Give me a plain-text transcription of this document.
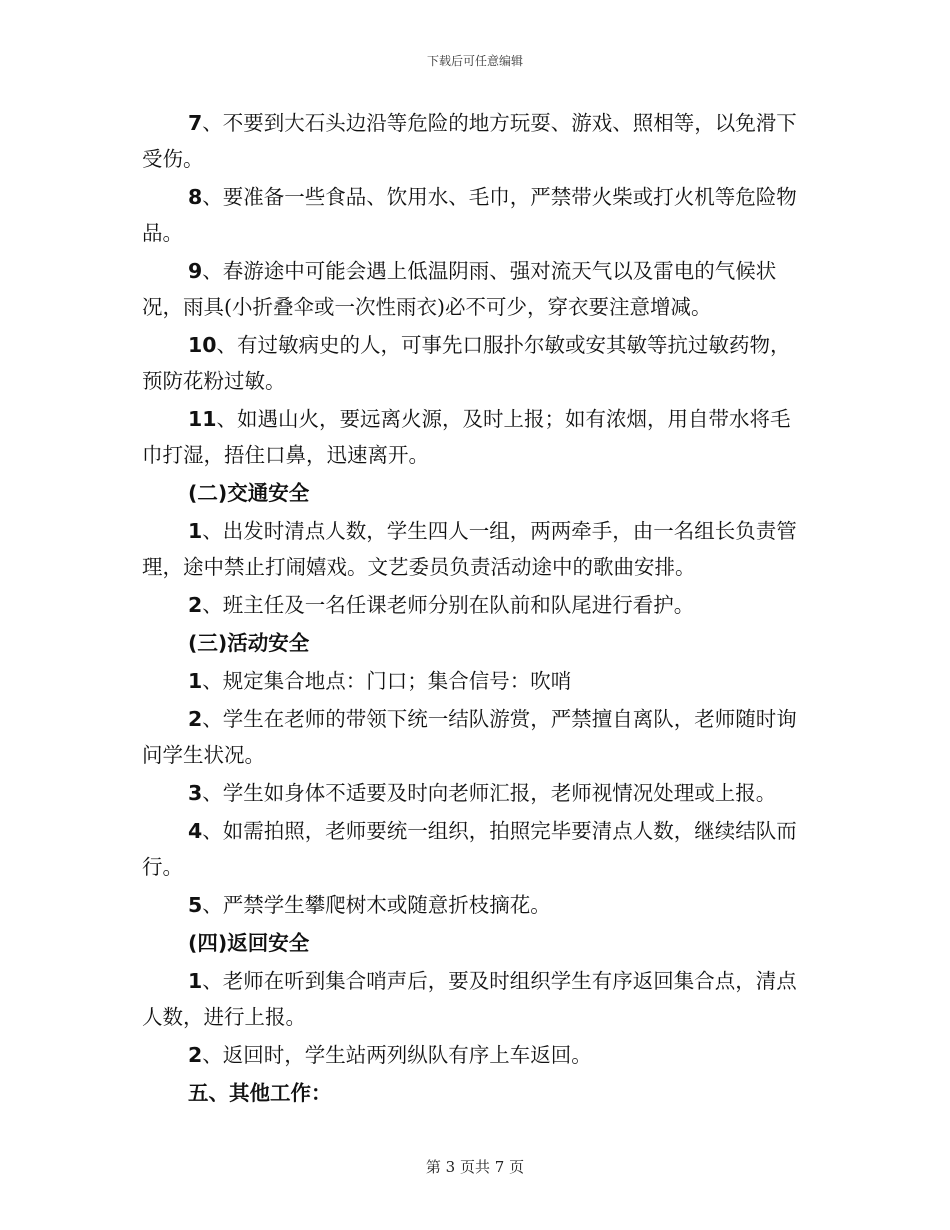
下载后可任意编辑

7、不要到大石头边沿等危险的地方玩耍、游戏、照相等，以免滑下受伤。

8、要准备一些食品、饮用水、毛巾，严禁带火柴或打火机等危险物品。

9、春游途中可能会遇上低温阴雨、强对流天气以及雷电的气候状况，雨具(小折叠伞或一次性雨衣)必不可少，穿衣要注意增减。

10、有过敏病史的人，可事先口服扑尔敏或安其敏等抗过敏药物，预防花粉过敏。

11、如遇山火，要远离火源，及时上报；如有浓烟，用自带水将毛巾打湿，捂住口鼻，迅速离开。

(二)交通安全

1、出发时清点人数，学生四人一组，两两牵手，由一名组长负责管理，途中禁止打闹嬉戏。文艺委员负责活动途中的歌曲安排。

2、班主任及一名任课老师分别在队前和队尾进行看护。

(三)活动安全

1、规定集合地点：门口；集合信号：吹哨

2、学生在老师的带领下统一结队游赏，严禁擅自离队，老师随时询问学生状况。

3、学生如身体不适要及时向老师汇报，老师视情况处理或上报。

4、如需拍照，老师要统一组织，拍照完毕要清点人数，继续结队而行。

5、严禁学生攀爬树木或随意折枝摘花。

(四)返回安全

1、老师在听到集合哨声后，要及时组织学生有序返回集合点，清点人数，进行上报。

2、返回时，学生站两列纵队有序上车返回。

五、其他工作：

第 3 页共 7 页
